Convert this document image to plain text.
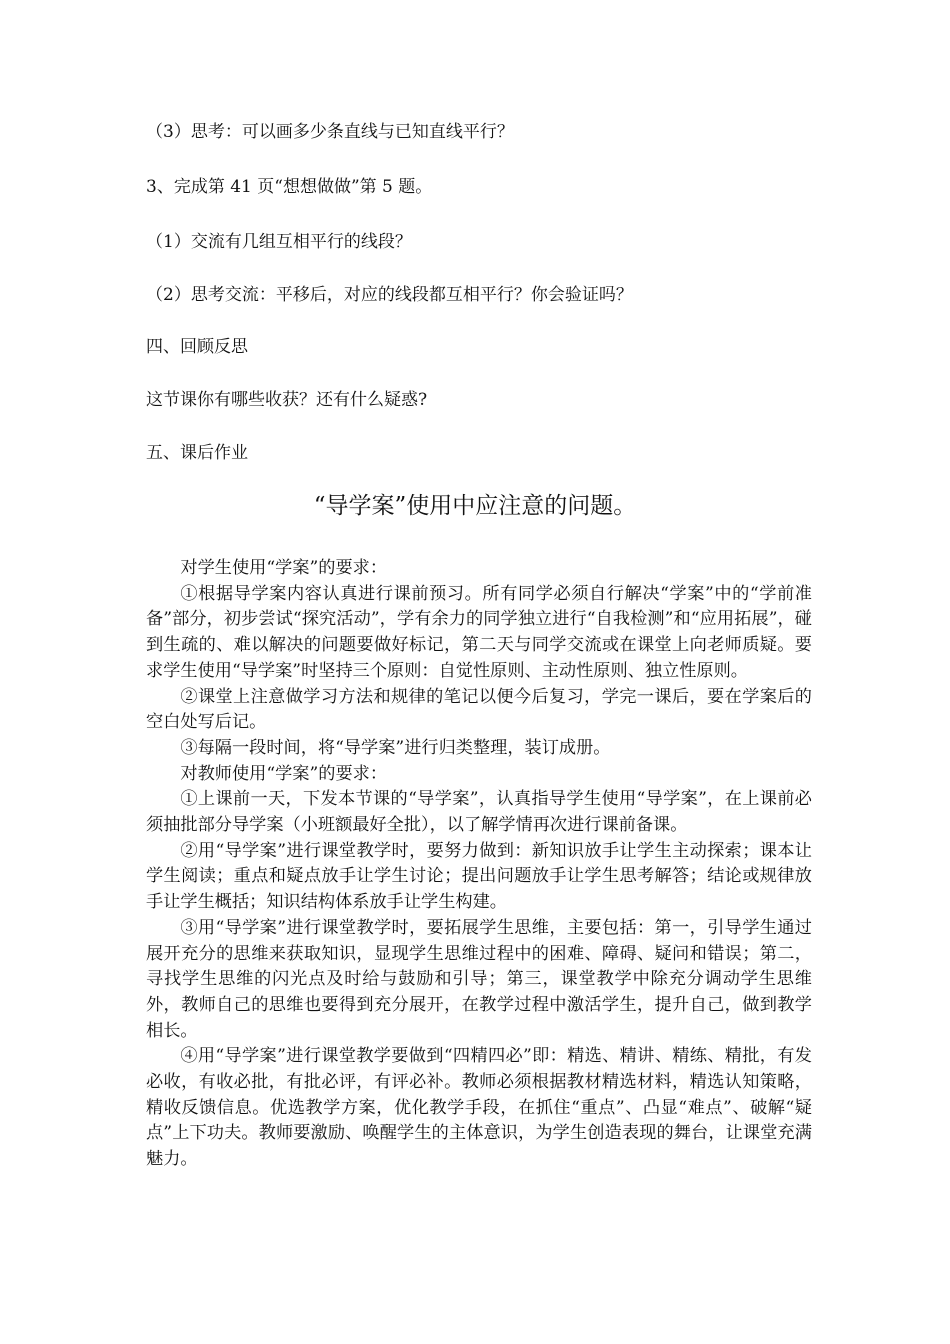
（3）思考：可以画多少条直线与已知直线平行？
3、完成第 41 页“想想做做”第 5 题。
（1）交流有几组互相平行的线段？
（2）思考交流：平移后，对应的线段都互相平行？你会验证吗？
四、回顾反思
这节课你有哪些收获？还有什么疑惑?
五、课后作业
“导学案”使用中应注意的问题。

对学生使用“学案”的要求：

①根据导学案内容认真进行课前预习。所有同学必须自行解决“学案”中的“学前准备”部分，初步尝试“探究活动”，学有余力的同学独立进行“自我检测”和“应用拓展”，碰到生疏的、难以解决的问题要做好标记，第二天与同学交流或在课堂上向老师质疑。要求学生使用“导学案”时坚持三个原则：自觉性原则、主动性原则、独立性原则。

②课堂上注意做学习方法和规律的笔记以便今后复习，学完一课后，要在学案后的空白处写后记。

③每隔一段时间，将“导学案”进行归类整理，装订成册。

对教师使用“学案”的要求：

①上课前一天，下发本节课的“导学案”，认真指导学生使用“导学案”，在上课前必须抽批部分导学案（小班额最好全批），以了解学情再次进行课前备课。

②用“导学案”进行课堂教学时，要努力做到：新知识放手让学生主动探索；课本让学生阅读；重点和疑点放手让学生讨论；提出问题放手让学生思考解答；结论或规律放手让学生概括；知识结构体系放手让学生构建。

③用“导学案”进行课堂教学时，要拓展学生思维，主要包括：第一，引导学生通过展开充分的思维来获取知识，显现学生思维过程中的困难、障碍、疑问和错误；第二，寻找学生思维的闪光点及时给与鼓励和引导；第三，课堂教学中除充分调动学生思维外，教师自己的思维也要得到充分展开，在教学过程中激活学生，提升自己，做到教学相长。

④用“导学案”进行课堂教学要做到“四精四必”即：精选、精讲、精练、精批，有发必收，有收必批，有批必评，有评必补。教师必须根据教材精选材料，精选认知策略，精收反馈信息。优选教学方案，优化教学手段，在抓住“重点”、凸显“难点”、破解“疑点”上下功夫。教师要激励、唤醒学生的主体意识，为学生创造表现的舞台，让课堂充满魅力。
